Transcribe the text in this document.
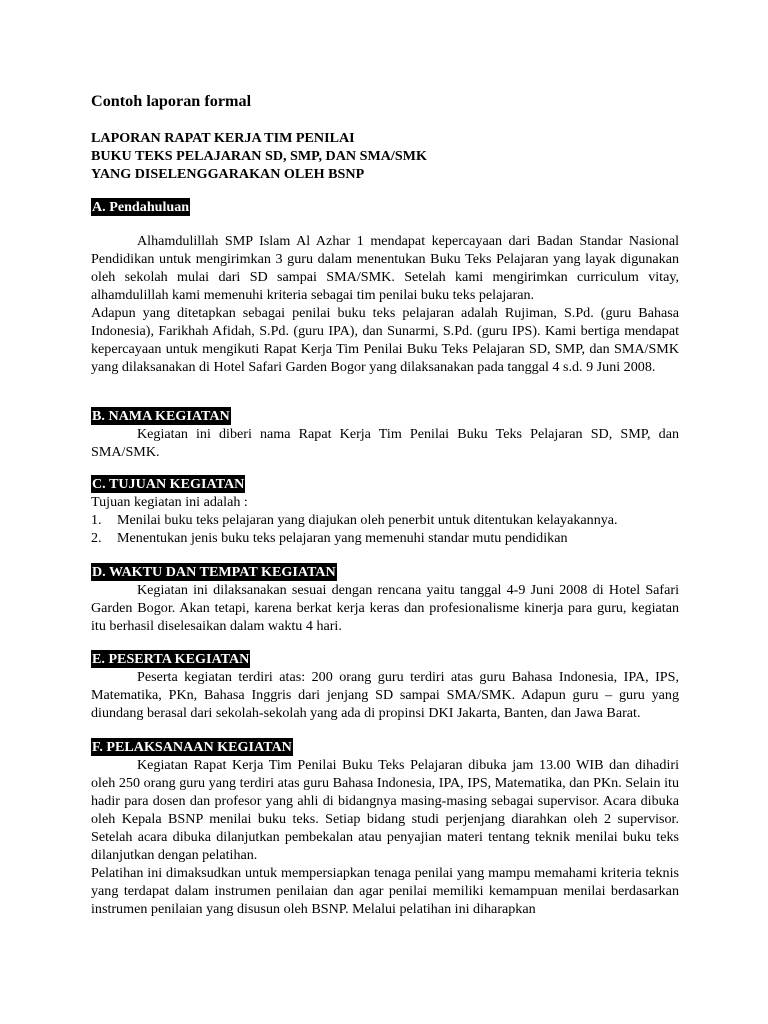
Contoh laporan formal
LAPORAN RAPAT KERJA TIM PENILAI
BUKU TEKS PELAJARAN SD, SMP, DAN SMA/SMK
YANG DISELENGGARAKAN OLEH BSNP
A. Pendahuluan

Alhamdulillah SMP Islam Al Azhar 1 mendapat kepercayaan dari Badan Standar Nasional Pendidikan untuk mengirimkan 3 guru dalam menentukan Buku Teks Pelajaran yang layak digunakan oleh sekolah mulai dari SD sampai SMA/SMK. Setelah kami mengirimkan curriculum vitay, alhamdulillah kami memenuhi kriteria sebagai tim penilai buku teks pelajaran.

Adapun yang ditetapkan sebagai penilai buku teks pelajaran adalah Rujiman, S.Pd. (guru Bahasa Indonesia), Farikhah Afidah, S.Pd. (guru IPA), dan Sunarmi, S.Pd. (guru IPS). Kami bertiga mendapat kepercayaan untuk mengikuti Rapat Kerja Tim Penilai Buku Teks Pelajaran SD, SMP, dan SMA/SMK yang dilaksanakan di Hotel Safari Garden Bogor yang dilaksanakan pada tanggal 4 s.d. 9 Juni 2008.

B. NAMA KEGIATAN

Kegiatan ini diberi nama Rapat Kerja Tim Penilai Buku Teks Pelajaran SD, SMP, dan SMA/SMK.

C. TUJUAN KEGIATAN

Tujuan kegiatan ini adalah :

1. Menilai buku teks pelajaran yang diajukan oleh penerbit untuk ditentukan kelayakannya.
2. Menentukan jenis buku teks pelajaran yang memenuhi standar mutu pendidikan
D. WAKTU DAN TEMPAT KEGIATAN

Kegiatan ini dilaksanakan sesuai dengan rencana yaitu tanggal 4-9 Juni 2008 di Hotel Safari Garden Bogor. Akan tetapi, karena berkat kerja keras dan profesionalisme kinerja para guru, kegiatan itu berhasil diselesaikan dalam waktu 4 hari.

E. PESERTA KEGIATAN

Peserta kegiatan terdiri atas: 200 orang guru terdiri atas guru Bahasa Indonesia, IPA, IPS, Matematika, PKn, Bahasa Inggris dari jenjang SD sampai SMA/SMK. Adapun guru – guru yang diundang berasal dari sekolah-sekolah yang ada di propinsi DKI Jakarta, Banten, dan Jawa Barat.

F. PELAKSANAAN KEGIATAN

Kegiatan Rapat Kerja Tim Penilai Buku Teks Pelajaran dibuka jam 13.00 WIB dan dihadiri oleh 250 orang guru yang terdiri atas guru Bahasa Indonesia, IPA, IPS, Matematika, dan PKn. Selain itu hadir para dosen dan profesor yang ahli di bidangnya masing-masing sebagai supervisor. Acara dibuka oleh Kepala BSNP menilai buku teks. Setiap bidang studi perjenjang diarahkan oleh 2 supervisor. Setelah acara dibuka dilanjutkan pembekalan atau penyajian materi tentang teknik menilai buku teks dilanjutkan dengan pelatihan.

Pelatihan ini dimaksudkan untuk mempersiapkan tenaga penilai yang mampu memahami kriteria teknis yang terdapat dalam instrumen penilaian dan agar penilai memiliki kemampuan menilai berdasarkan instrumen penilaian yang disusun oleh BSNP. Melalui pelatihan ini diharapkan
